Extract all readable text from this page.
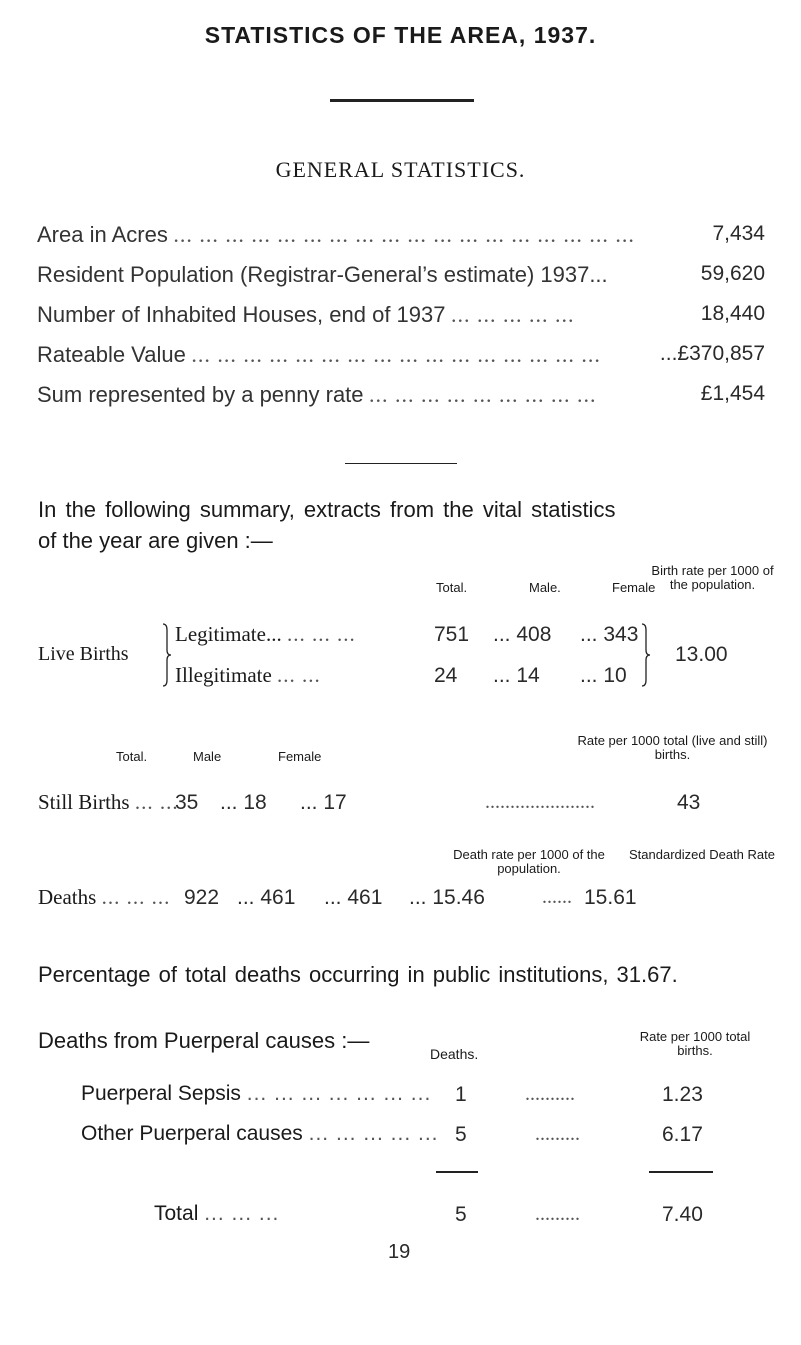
STATISTICS OF THE AREA, 1937.
GENERAL STATISTICS.
Area in Acres ... ... ... ... ... ... ... ... ... ... ... ... ... ... ... ... ... ...	7,434
Resident Population (Registrar-General’s estimate) 1937...	59,620
Number of Inhabited Houses, end of 1937 ... ... ... ... ...	18,440
Rateable Value ... ... ... ... ... ... ... ... ... ... ... ... ... ... ... ...	...£370,857
Sum represented by a penny rate ... ... ... ... ... ... ... ... ...	£1,454
In the following summary, extracts from the vital statistics
of the year are given :—
Birth rate per 1000 of the population.
Total.	Male.	Female
Live Births
Legitimate... ... ... ...	751 ... 408 ... 343
Illegitimate ... ...	24 ... 14 ... 10
13.00
Rate per 1000 total (live and still) births.
Total.	Male	Female
Still Births ... ...
35 ... 18 ... 17	......................	43
Death rate per 1000 of the population.
Standardized Death Rate
Deaths ... ... ... 922 ... 461 ... 461 ... 15.46	...... 15.61
Percentage of total deaths occurring in public institutions, 31.67.
Deaths from Puerperal causes :—
Deaths.
Rate per 1000 total births.
Puerperal Sepsis ... ... ... ... ... ... ... 1	..........	1.23
Other Puerperal causes ... ... ... ... ... 5	.........	6.17
Total ... ... ...	5	.........	7.40
19
